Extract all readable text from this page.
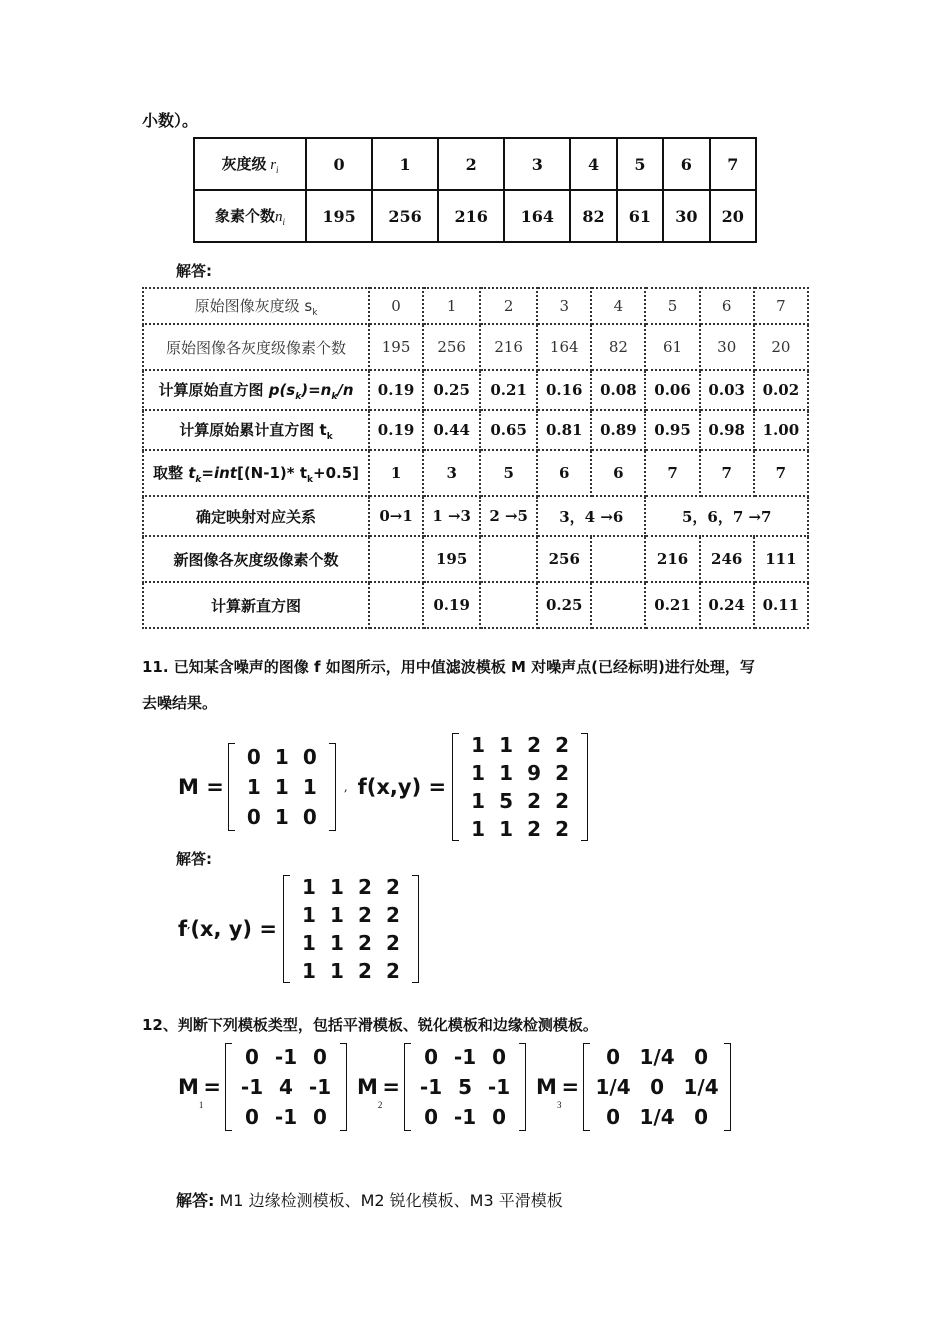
小数）。
灰度级 $r_i$	0	1	2	3	4	5	6	7
象素个数$n_i$	195	256	216	164	82	61	30	20
解答:
原始图像灰度级 $s_k$	0	1	2	3	4	5	6	7
原始图像各灰度级像素个数	195	256	216	164	82	61	30	20
计算原始直方图 $p(s_k)=n_k/n$	0.19	0.25	0.21	0.16	0.08	0.06	0.03	0.02
计算原始累计直方图 $t_k$	0.19	0.44	0.65	0.81	0.89	0.95	0.98	1.00
取整 $t_k=int[(N-1)*$ $t_k+0.5$]	1	3	5	6	6	7	7	7
确定映射对应关系	0→1	1 →3	2 →5	3，4 →6		5，6，7 →7		
新图像各灰度级像素个数		195		256		216	246	111
计算新直方图		0.19		0.25		0.21	0.24	0.11
11. 已知某含噪声的图像 f 如图所示，用中值滤波模板 M 对噪声点(已经标明)进行处理，写
去噪结果。
M =
0 1 0
1 1 1
0 1 0
, f(x,y) =
1 1 2 2
1 1 9 2
1 5 2 2
1 1 2 2
解答:
f′(x, y) =
1 1 2 2
1 1 2 2
1 1 2 2
1 1 2 2
12、判断下列模板类型，包括平滑模板、锐化模板和边缘检测模板。
$M_1=$
0 -1 0
-1 4 -1
0 -1 0
$M_2=$
0 -1 0
-1 5 -1
0 -1 0
$M_3=$
0 1/4 0
1/4 0 1/4
0 1/4 0
解答: M1 边缘检测模板、M2 锐化模板、M3 平滑模板
